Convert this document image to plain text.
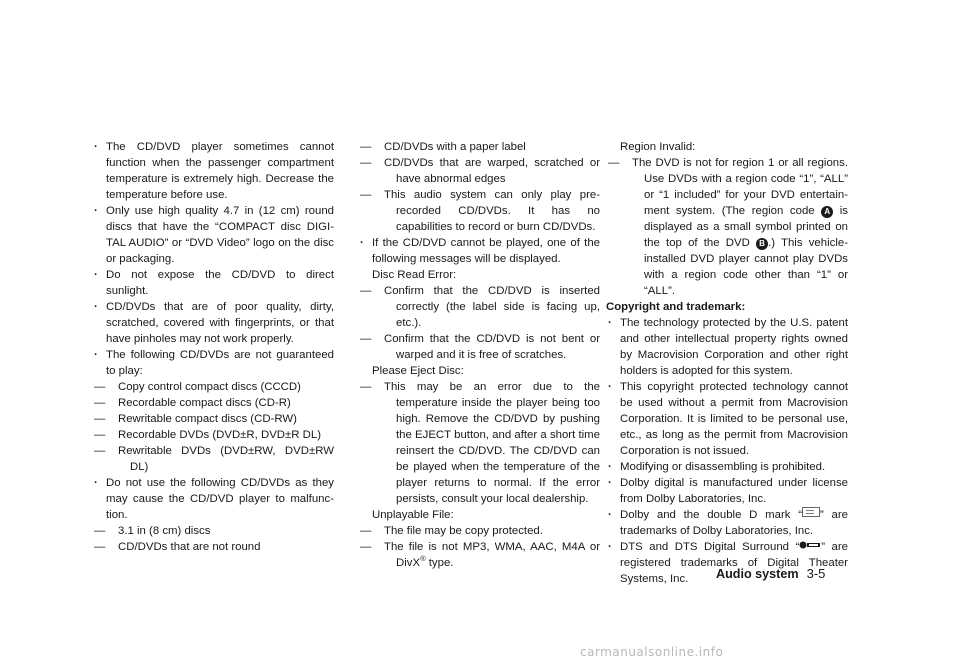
. The CD/DVD player sometimes cannot function when the passenger compartment temperature is extremely high. Decrease the temperature before use.
. Only use high quality 4.7 in (12 cm) round discs that have the “COMPACT disc DIGI-TAL AUDIO” or “DVD Video” logo on the disc or packaging.
. Do not expose the CD/DVD to direct sunlight.
. CD/DVDs that are of poor quality, dirty, scratched, covered with fingerprints, or that have pinholes may not work properly.
. The following CD/DVDs are not guaranteed to play:
— Copy control compact discs (CCCD)
— Recordable compact discs (CD-R)
— Rewritable compact discs (CD-RW)
— Recordable DVDs (DVD±R, DVD±R DL)
— Rewritable DVDs (DVD±RW, DVD±RW DL)
. Do not use the following CD/DVDs as they may cause the CD/DVD player to malfunc-tion.
— 3.1 in (8 cm) discs
— CD/DVDs that are not round
— CD/DVDs with a paper label
— CD/DVDs that are warped, scratched or have abnormal edges
— This audio system can only play pre-recorded CD/DVDs. It has no capabilities to record or burn CD/DVDs.
. If the CD/DVD cannot be played, one of the following messages will be displayed.
Disc Read Error:
— Confirm that the CD/DVD is inserted correctly (the label side is facing up, etc.).
— Confirm that the CD/DVD is not bent or warped and it is free of scratches.
Please Eject Disc:
— This may be an error due to the temperature inside the player being too high. Remove the CD/DVD by pushing the EJECT button, and after a short time reinsert the CD/DVD. The CD/DVD can be played when the temperature of the player returns to normal. If the error persists, consult your local dealership.
Unplayable File:
— The file may be copy protected.
— The file is not MP3, WMA, AAC, M4A or DivX® type.
Region Invalid:
— The DVD is not for region 1 or all regions. Use DVDs with a region code “1”, “ALL” or “1 included” for your DVD entertain-ment system. (The region code A is displayed as a small symbol printed on the top of the DVD B .) This vehicle-installed DVD player cannot play DVDs with a region code other than “1” or “ALL”.
Copyright and trademark:
. The technology protected by the U.S. patent and other intellectual property rights owned by Macrovision Corporation and other right holders is adopted for this system.
. This copyright protected technology cannot be used without a permit from Macrovision Corporation. It is limited to be personal use, etc., as long as the permit from Macrovision Corporation is not issued.
. Modifying or disassembling is prohibited.
. Dolby digital is manufactured under license from Dolby Laboratories, Inc.
. Dolby and the double D mark “ ” are trademarks of Dolby Laboratories, Inc.
. DTS and DTS Digital Surround “ ” are registered trademarks of Digital Theater Systems, Inc.	Audio system 3-5
carmanualsonline.info
